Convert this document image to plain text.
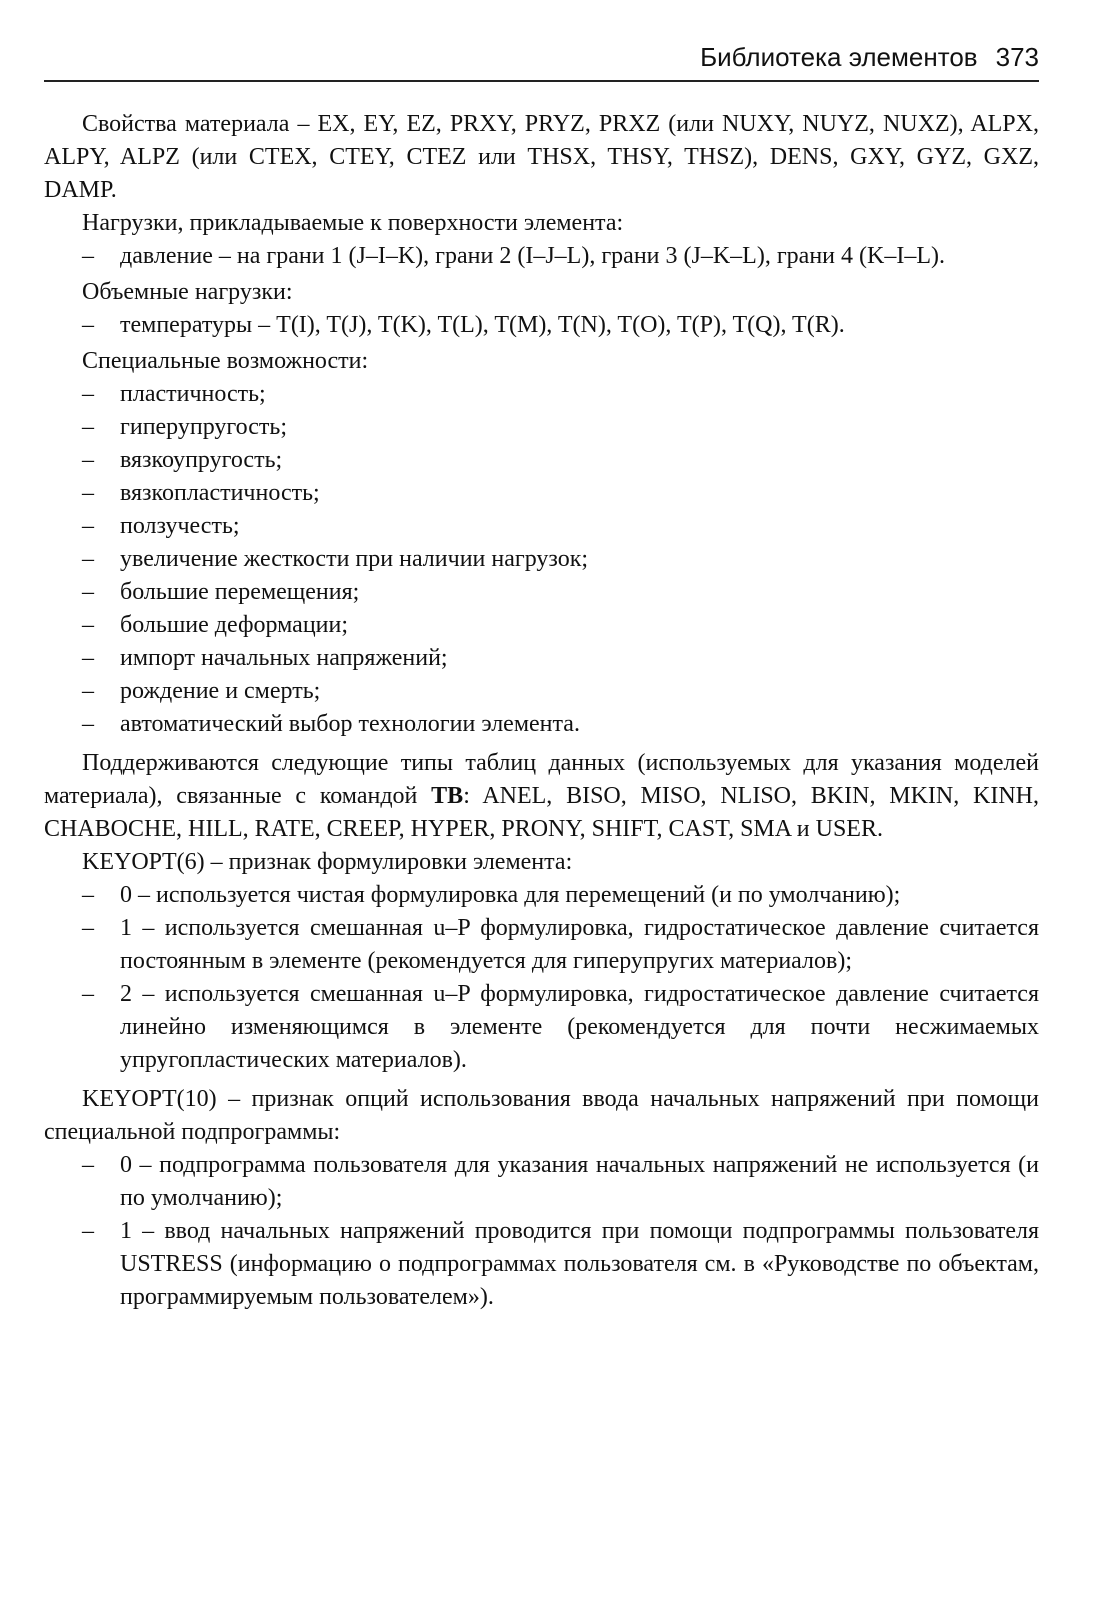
Библиотека элементов 373

Свойства материала – EX, EY, EZ, PRXY, PRYZ, PRXZ (или NUXY, NUYZ, NUXZ), ALPX, ALPY, ALPZ (или CTEX, CTEY, CTEZ или THSX, THSY, THSZ), DENS, GXY, GYZ, GXZ, DAMP.

Нагрузки, прикладываемые к поверхности элемента:

– давление – на грани 1 (J–I–K), грани 2 (I–J–L), грани 3 (J–K–L), грани 4 (K–I–L).

Объемные нагрузки:

– температуры – T(I), T(J), T(K), T(L), T(M), T(N), T(O), T(P), T(Q), T(R).

Специальные возможности:

– пластичность;
– гиперупругость;
– вязкоупругость;
– вязкопластичность;
– ползучесть;
– увеличение жесткости при наличии нагрузок;
– большие перемещения;
– большие деформации;
– импорт начальных напряжений;
– рождение и смерть;
– автоматический выбор технологии элемента.

Поддерживаются следующие типы таблиц данных (используемых для указания моделей материала), связанные с командой TB: ANEL, BISO, MISO, NLISO, BKIN, MKIN, KINH, CHABOCHE, HILL, RATE, CREEP, HYPER, PRONY, SHIFT, CAST, SMA и USER.

KEYOPT(6) – признак формулировки элемента:

– 0 – используется чистая формулировка для перемещений (и по умолчанию);
– 1 – используется смешанная u–P формулировка, гидростатическое давление считается постоянным в элементе (рекомендуется для гиперупругих материалов);
– 2 – используется смешанная u–P формулировка, гидростатическое давление считается линейно изменяющимся в элементе (рекомендуется для почти несжимаемых упругопластических материалов).

KEYOPT(10) – признак опций использования ввода начальных напряжений при помощи специальной подпрограммы:

– 0 – подпрограмма пользователя для указания начальных напряжений не используется (и по умолчанию);
– 1 – ввод начальных напряжений проводится при помощи подпрограммы пользователя USTRESS (информацию о подпрограммах пользователя см. в «Руководстве по объектам, программируемым пользователем»).
